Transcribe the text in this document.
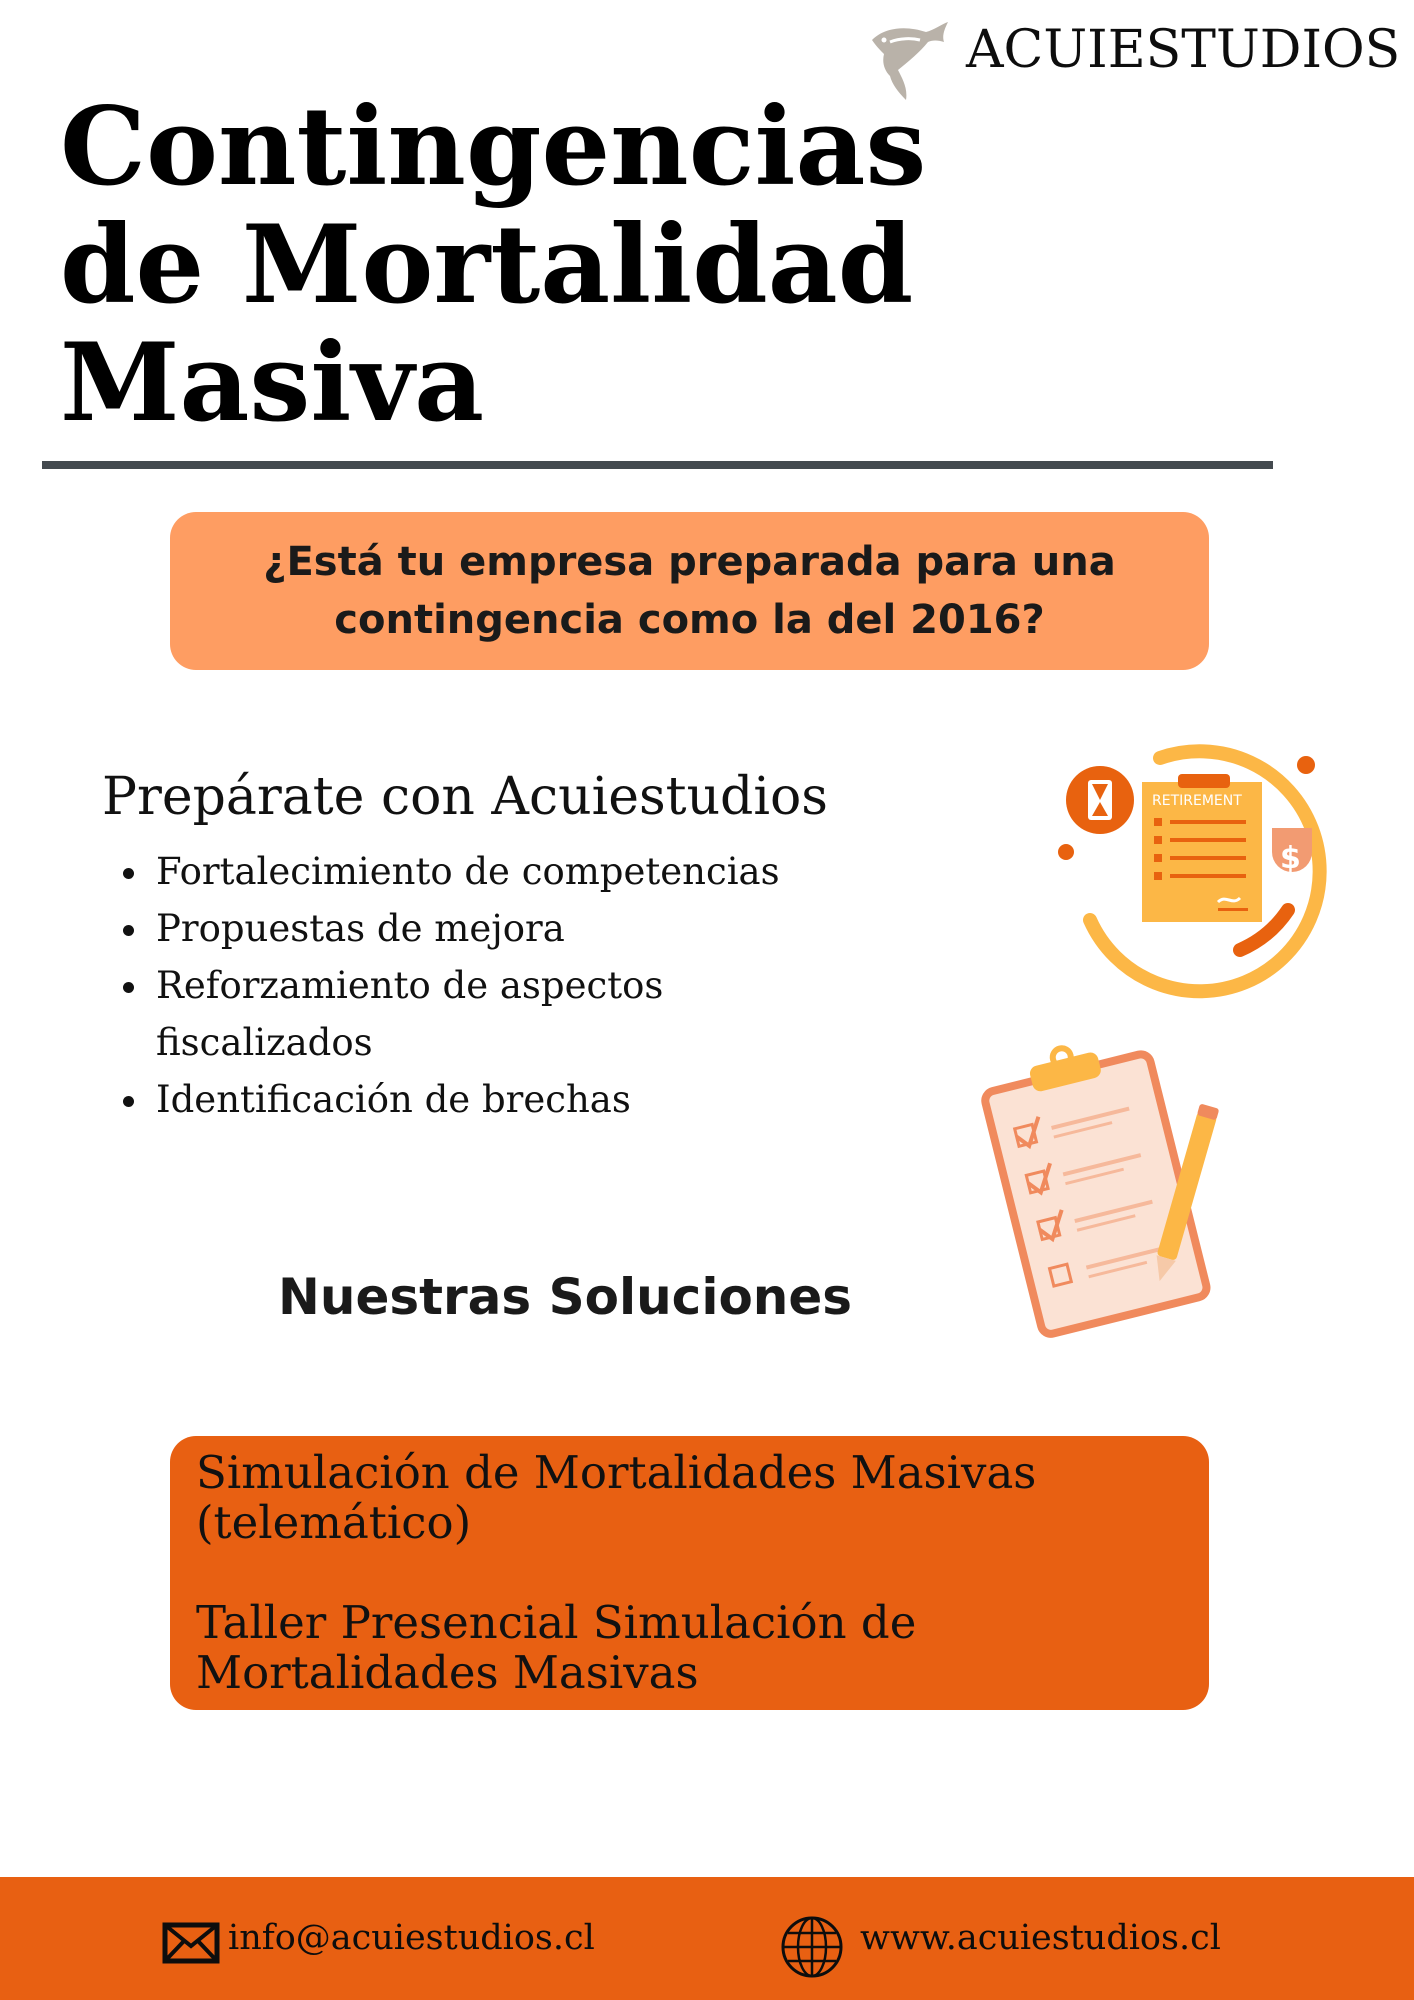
ACUIESTUDIOS
Contingencias
de Mortalidad
Masiva
¿Está tu empresa preparada para una
contingencia como la del 2016?
Prepárate con Acuiestudios
• Fortalecimiento de competencias
• Propuestas de mejora
• Reforzamiento de aspectos fiscalizados
• Identificación de brechas
RETIREMENT
$
Nuestras Soluciones
Simulación de Mortalidades Masivas (telemático)
Taller Presencial Simulación de Mortalidades Masivas
info@acuiestudios.cl	www.acuiestudios.cl
